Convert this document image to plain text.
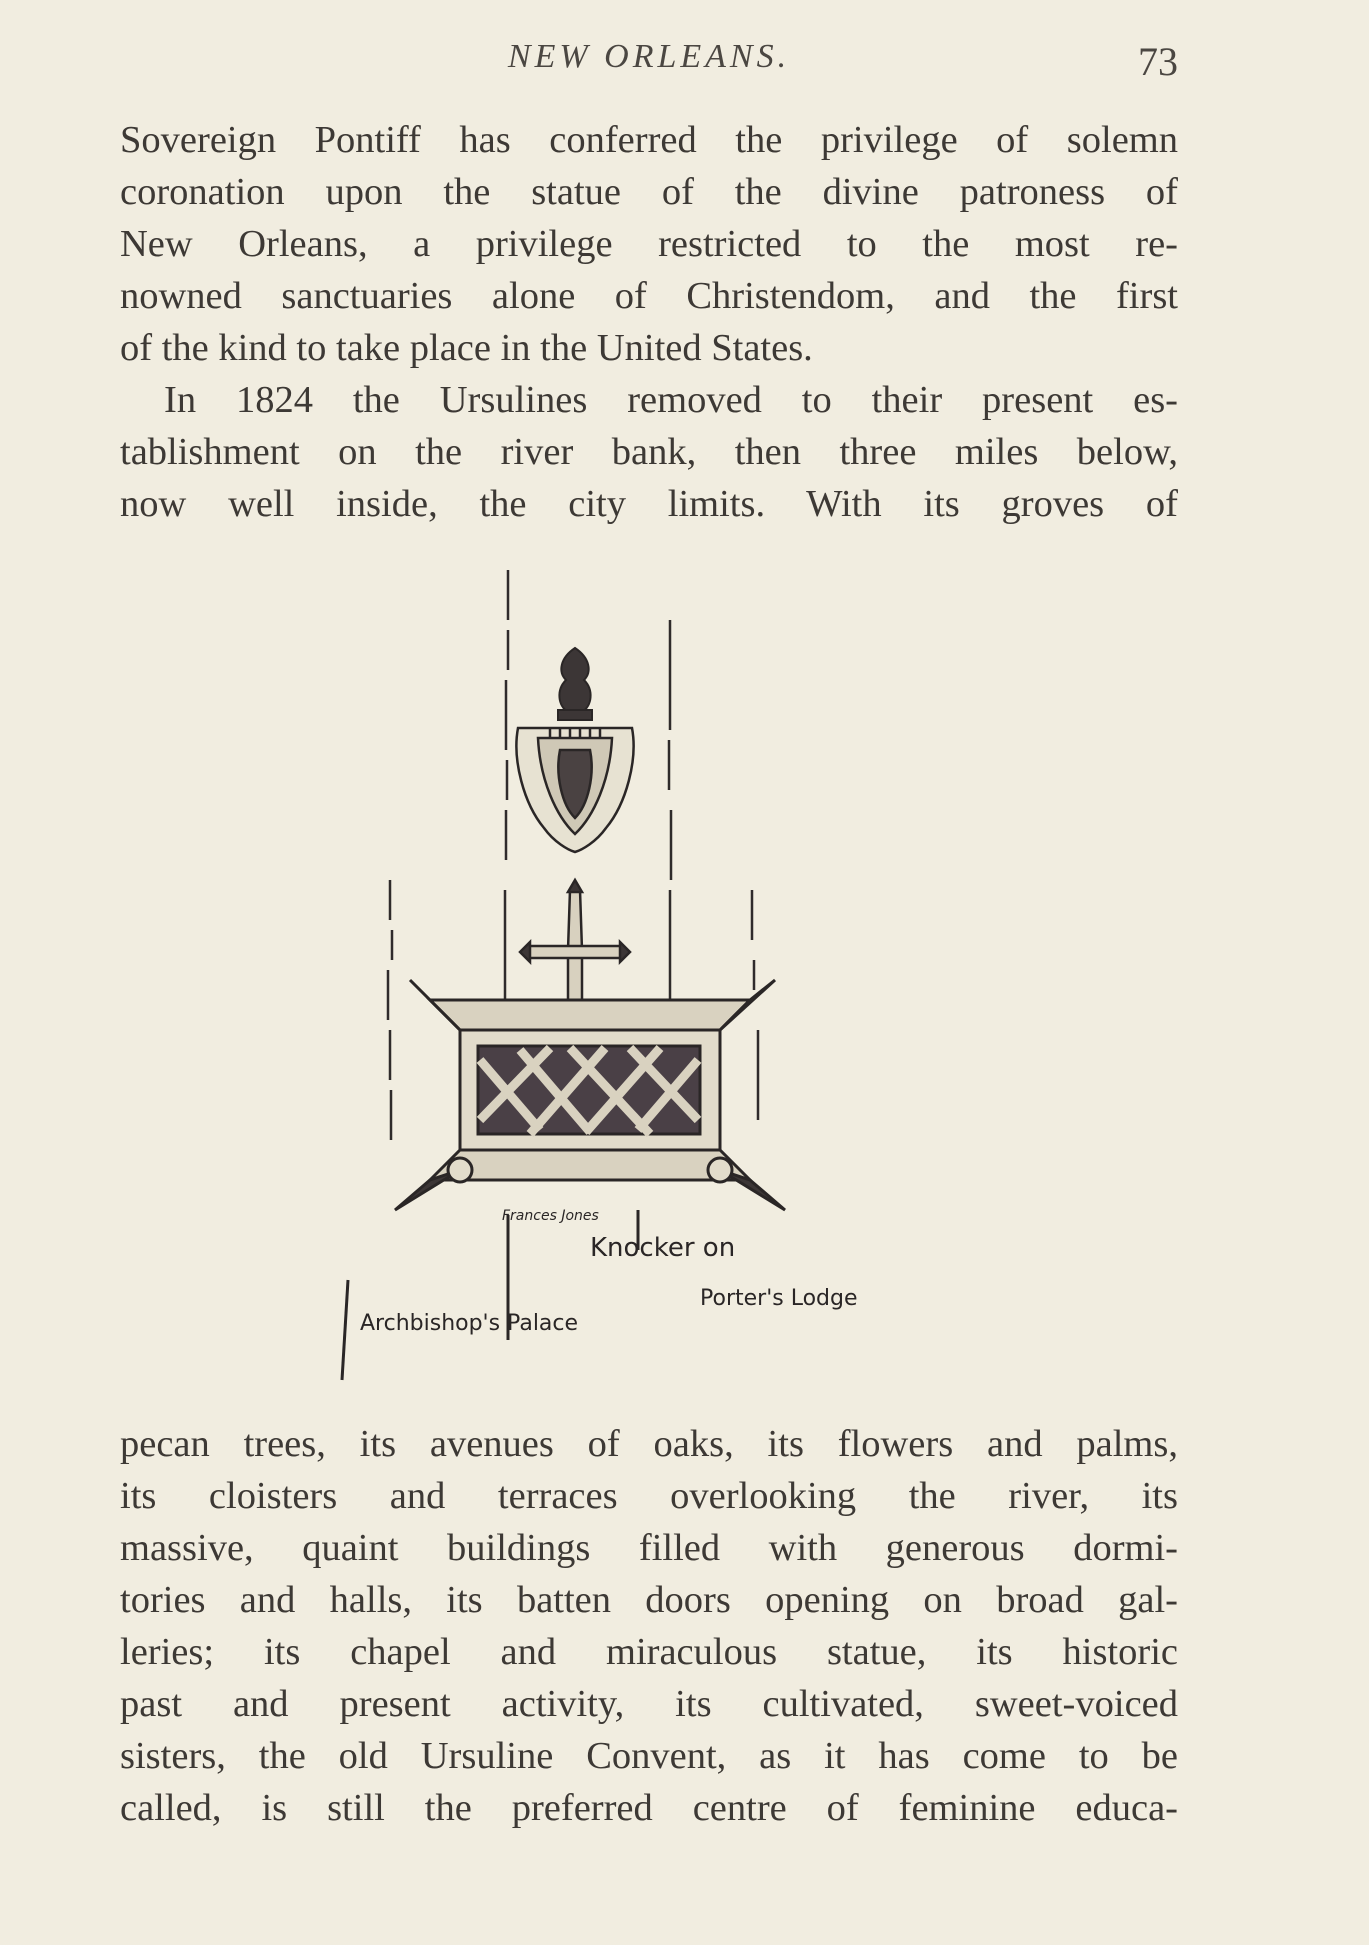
NEW ORLEANS.	73
Sovereign Pontiff has conferred the privilege of solemn
coronation upon the statue of the divine patroness of
New Orleans, a privilege restricted to the most re-
nowned sanctuaries alone of Christendom, and the first
of the kind to take place in the United States.
In 1824 the Ursulines removed to their present es-
tablishment on the river bank, then three miles below,
now well inside, the city limits. With its groves of
Frances Jones
Knocker on
Archbishop's Palace
Porter's Lodge
pecan trees, its avenues of oaks, its flowers and palms,
its cloisters and terraces overlooking the river, its
massive, quaint buildings filled with generous dormi-
tories and halls, its batten doors opening on broad gal-
leries; its chapel and miraculous statue, its historic
past and present activity, its cultivated, sweet-voiced
sisters, the old Ursuline Convent, as it has come to be
called, is still the preferred centre of feminine educa-
